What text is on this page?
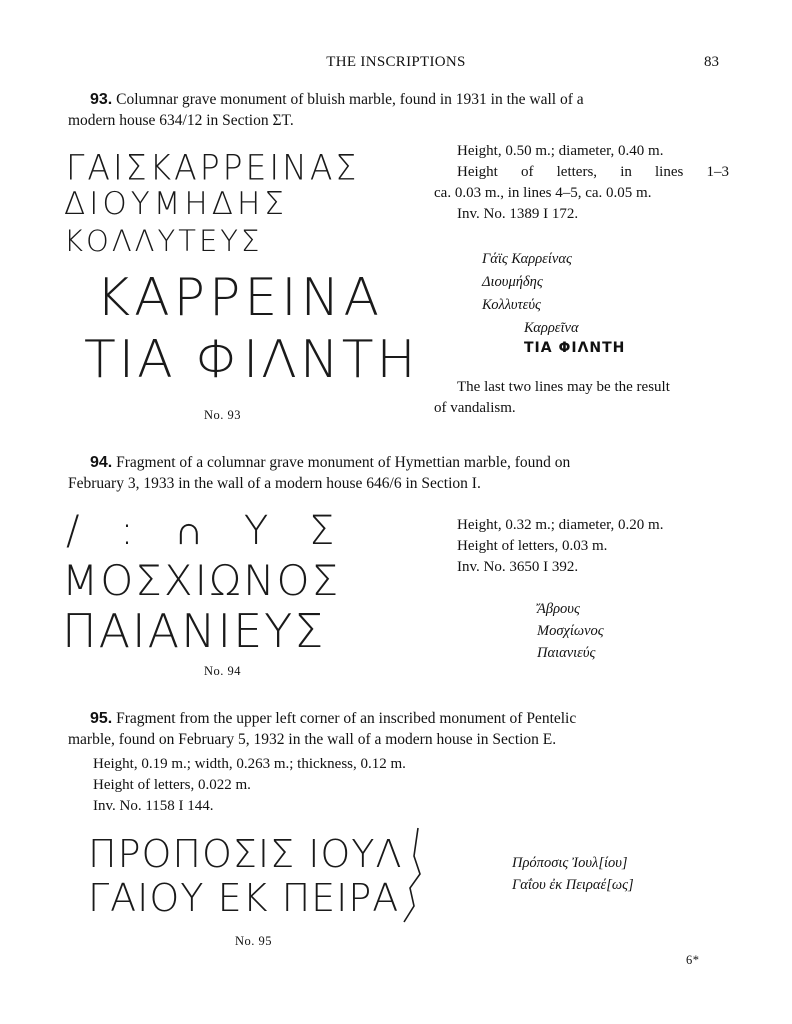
THE INSCRIPTIONS	83
93. Columnar grave monument of bluish marble, found in 1931 in the wall of a
modern house 634/12 in Section ΣΤ.
ΓΑΙΣΚΑΡΡΕΙΝΑΣ
ΔΙΟΥΜΗΔΗΣ
ΚΟΛΛΥΤΕΥΣ
ΚΑΡΡΕΙΝΑ
ΤΙΑ ΦΙΛΝΤΗ
No. 93
Height, 0.50 m.; diameter, 0.40 m.
Height of letters, in lines 1–3
ca. 0.03 m., in lines 4–5, ca. 0.05 m.
Inv. No. 1389 I 172.
Γάϊς Καρρείνας
Διουμήδης
Κολλυτεύς
Καρρεῖνα
ΤΙΑ ΦΙΛΝΤΗ
The last two lines may be the result
of vandalism.
94. Fragment of a columnar grave monument of Hymettian marble, found on
February 3, 1933 in the wall of a modern house 646/6 in Section Ι.
/ : ∩ Υ Σ
ΜΟΣΧΙΩΝΟΣ
ΠΑΙΑΝΙΕΥΣ
No. 94
Height, 0.32 m.; diameter, 0.20 m.
Height of letters, 0.03 m.
Inv. No. 3650 I 392.
Ἄβρους
Μοσχίωνος
Παιανιεύς
95. Fragment from the upper left corner of an inscribed monument of Pentelic
marble, found on February 5, 1932 in the wall of a modern house in Section E.
Height, 0.19 m.; width, 0.263 m.; thickness, 0.12 m.
Height of letters, 0.022 m.
Inv. No. 1158 I 144.
ΠΡΟΠΟΣΙΣ ΙΟΥΛ
ΓΑΙΟΥ ΕΚ ΠΕΙΡΑ
No. 95
Πρόποσις Ἰουλ[ίου]
Γαΐου ἐκ Πειραέ[ως]
6*
